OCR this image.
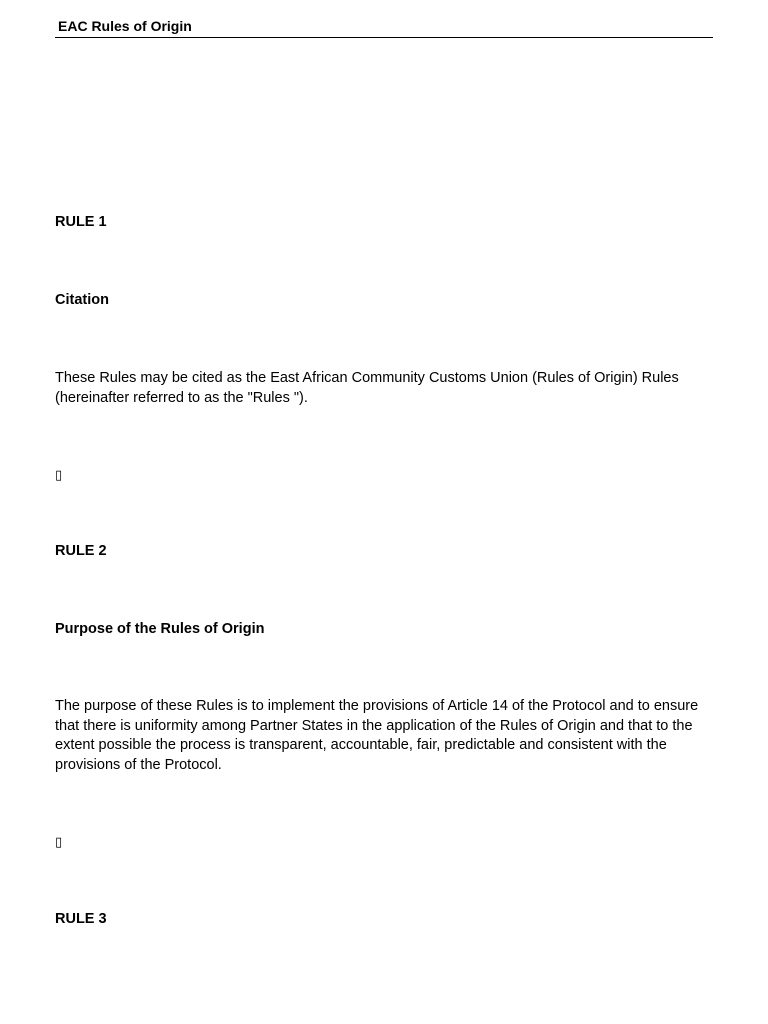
EAC Rules of Origin
RULE 1
Citation
These Rules may be cited as the East African Community Customs Union (Rules of Origin) Rules (hereinafter referred to as the "Rules ").
▯
RULE 2
Purpose of the Rules of Origin
The purpose of these Rules is to implement the provisions of Article 14 of the Protocol and to ensure that there is uniformity among Partner States in the application of the Rules of Origin and that to the extent possible the process is transparent, accountable, fair, predictable and consistent with the provisions of the Protocol.
▯
RULE 3
